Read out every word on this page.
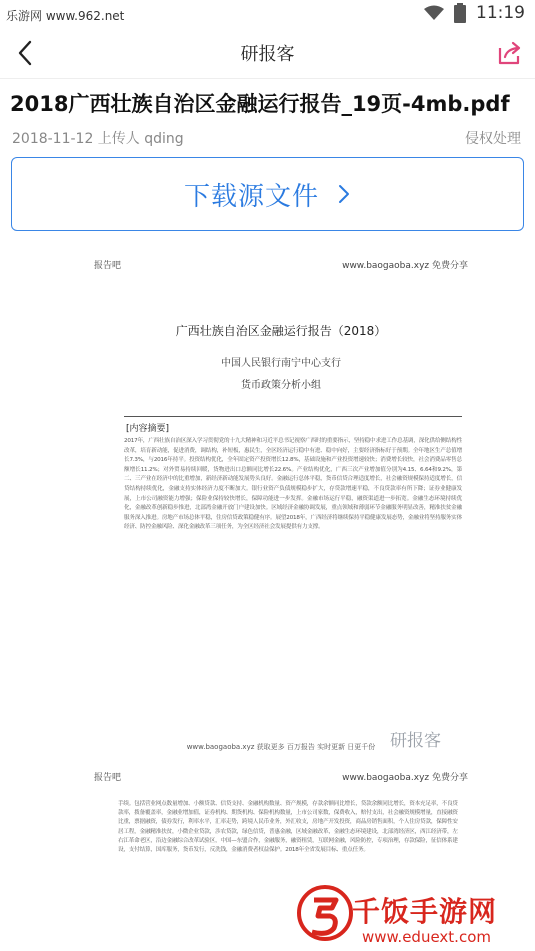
乐游网 www.962.net	11:19
研报客
2018广西壮族自治区金融运行报告_19页-4mb.pdf
2018-11-12 上传人 qding	侵权处理
下载源文件
报告吧	www.baogaoba.xyz 免费分享
广西壮族自治区金融运行报告（2018）
中国人民银行南宁中心支行
货币政策分析小组
[内容摘要]
2017年，广西壮族自治区深入学习贯彻党的十九大精神和习近平总书记视察广西时的重要指示，坚持稳中求进工作总基调，深化供给侧结构性改革，培育新动能，促进消费，调结构，补短板，惠民生，全区经济运行稳中有进、稳中向好，主要经济指标好于预期。全年地区生产总值增长7.3%，与2016年持平。投资结构优化，全年固定资产投资增长12.8%，基础设施和产业投资增速较快；消费增长较快，社会消费品零售总额增长11.2%；对外贸易持续回暖，货物进出口总额同比增长22.6%。产业结构优化，广西三次产业增加值分别为4.15、6.64和9.2%，第二、三产业在经济中的比重增加，新经济新动能发展势头良好。金融运行总体平稳，货币信贷合理适度增长，社会融资规模保持适度增长，信贷结构持续优化，金融支持实体经济力度不断加大。银行业资产负债规模稳步扩大，存贷款增速平稳，不良贷款率有所下降；证券业健康发展，上市公司融资能力增强；保险业保持较快增长，保障功能进一步发挥。金融市场运行平稳，融资渠道进一步拓宽。金融生态环境持续优化，金融改革创新稳步推进，北部湾金融开放门户建设加快。区域经济金融协调发展，重点领域和薄弱环节金融服务明显改善，精准扶贫金融服务深入推进。房地产市场总体平稳，住房信贷政策稳健有序。展望2018年，广西经济将继续保持平稳健康发展态势，金融业将坚持服务实体经济、防控金融风险、深化金融改革三项任务，为全区经济社会发展提供有力支撑。
www.baogaoba.xyz 获取更多 百万报告 实时更新 日更千份 研报客
报告吧	www.baogaoba.xyz 免费分享
手续。包括营业网点数量增加、小额贷款、信贷支持、金融机构数量、资产规模，存款余额同比增长，贷款余额同比增长，资本充足率，不良贷款率，拨备覆盖率，金融业增加值，证券机构、期货机构、保险机构数量，上市公司家数，保费收入，赔付支出，社会融资规模增量，直接融资比重，票据融资，债券发行，利率水平，汇率走势，跨境人民币业务，外汇收支，房地产开发投资，商品房销售面积，个人住房贷款，保障性安居工程，金融精准扶贫，小微企业贷款，涉农贷款，绿色信贷，普惠金融，区域金融改革，金融生态环境建设，北部湾经济区，西江经济带，左右江革命老区，沿边金融综合改革试验区，中国—东盟合作，金融服务，融资租赁，互联网金融，风险防控，专项治理，存款保险，征信体系建设，支付结算，国库服务，货币发行，反洗钱，金融消费者权益保护。2018年全省发展目标、重点任务。
千饭手游网
www.eduext.com
